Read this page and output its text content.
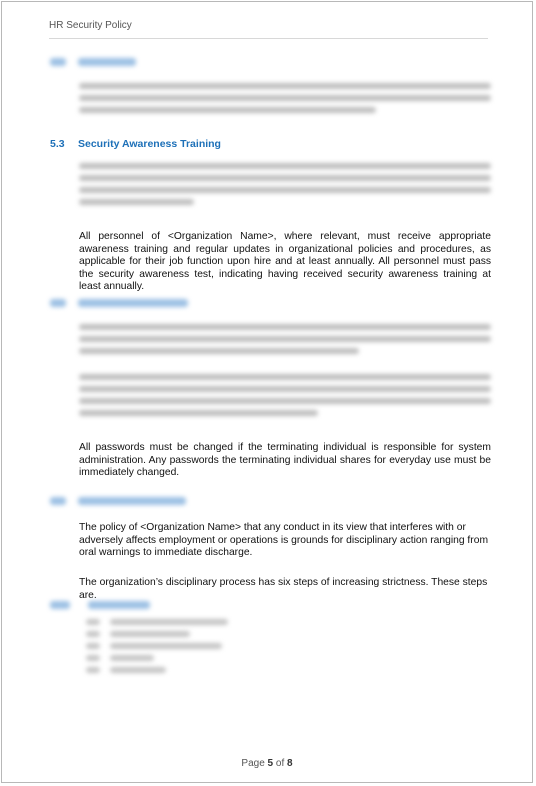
HR Security Policy
5.3 Security Awareness Training
All personnel of <Organization Name>, where relevant, must receive appropriate awareness training and regular updates in organizational policies and procedures, as applicable for their job function upon hire and at least annually. All personnel must pass the security awareness test, indicating having received security awareness training at least annually.
All passwords must be changed if the terminating individual is responsible for system administration. Any passwords the terminating individual shares for everyday use must be immediately changed.
The policy of <Organization Name> that any conduct in its view that interferes with or adversely affects employment or operations is grounds for disciplinary action ranging from oral warnings to immediate discharge.
The organization’s disciplinary process has six steps of increasing strictness. These steps are.
Page 5 of 8
